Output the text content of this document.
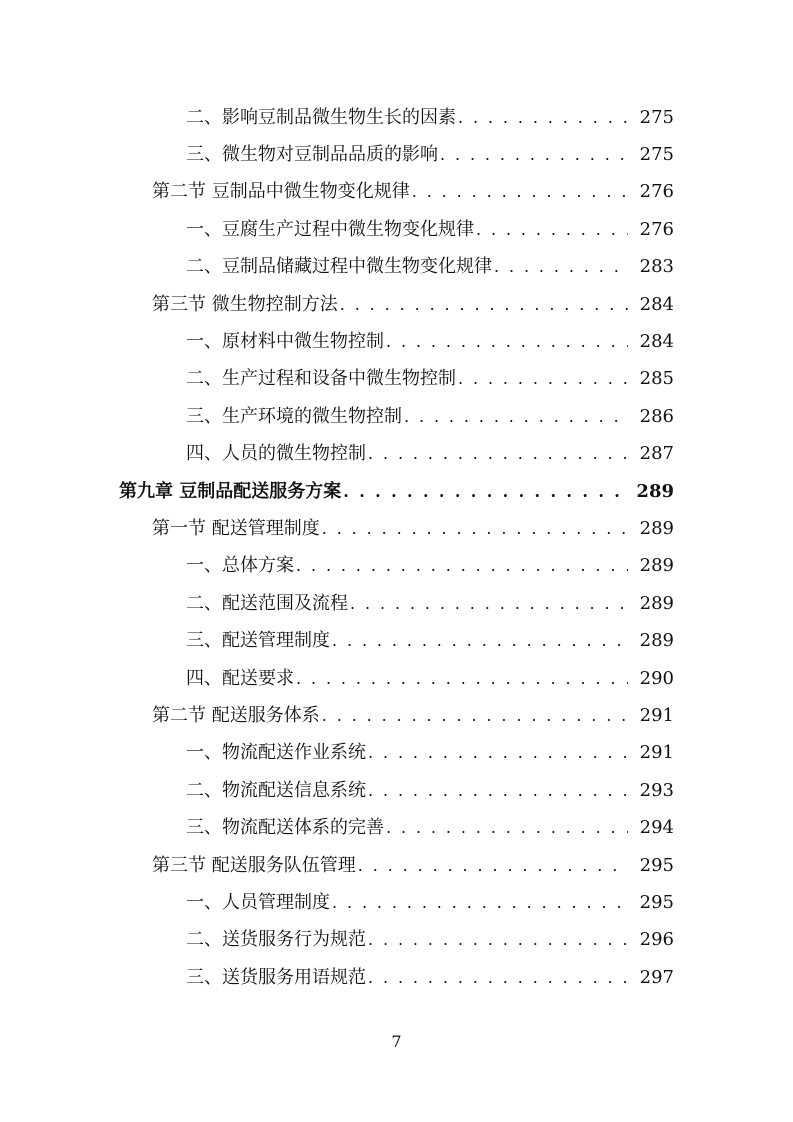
二、影响豆制品微生物生长的因素 . . .	275
三、微生物对豆制品品质的影响 . . .	275
第二节 豆制品中微生物变化规律 . . .	276
一、豆腐生产过程中微生物变化规律 . . .	276
二、豆制品储藏过程中微生物变化规律 . . .	283
第三节 微生物控制方法 . . .	284
一、原材料中微生物控制 . . .	284
二、生产过程和设备中微生物控制 . . .	285
三、生产环境的微生物控制 . . .	286
四、人员的微生物控制 . . .	287
第九章 豆制品配送服务方案 . . .	289
第一节 配送管理制度 . . .	289
一、总体方案 . . .	289
二、配送范围及流程 . . .	289
三、配送管理制度 . . .	289
四、配送要求 . . .	290
第二节 配送服务体系 . . .	291
一、物流配送作业系统 . . .	291
二、物流配送信息系统 . . .	293
三、物流配送体系的完善 . . .	294
第三节 配送服务队伍管理 . . .	295
一、人员管理制度 . . .	295
二、送货服务行为规范 . . .	296
三、送货服务用语规范 . . .	297
7
